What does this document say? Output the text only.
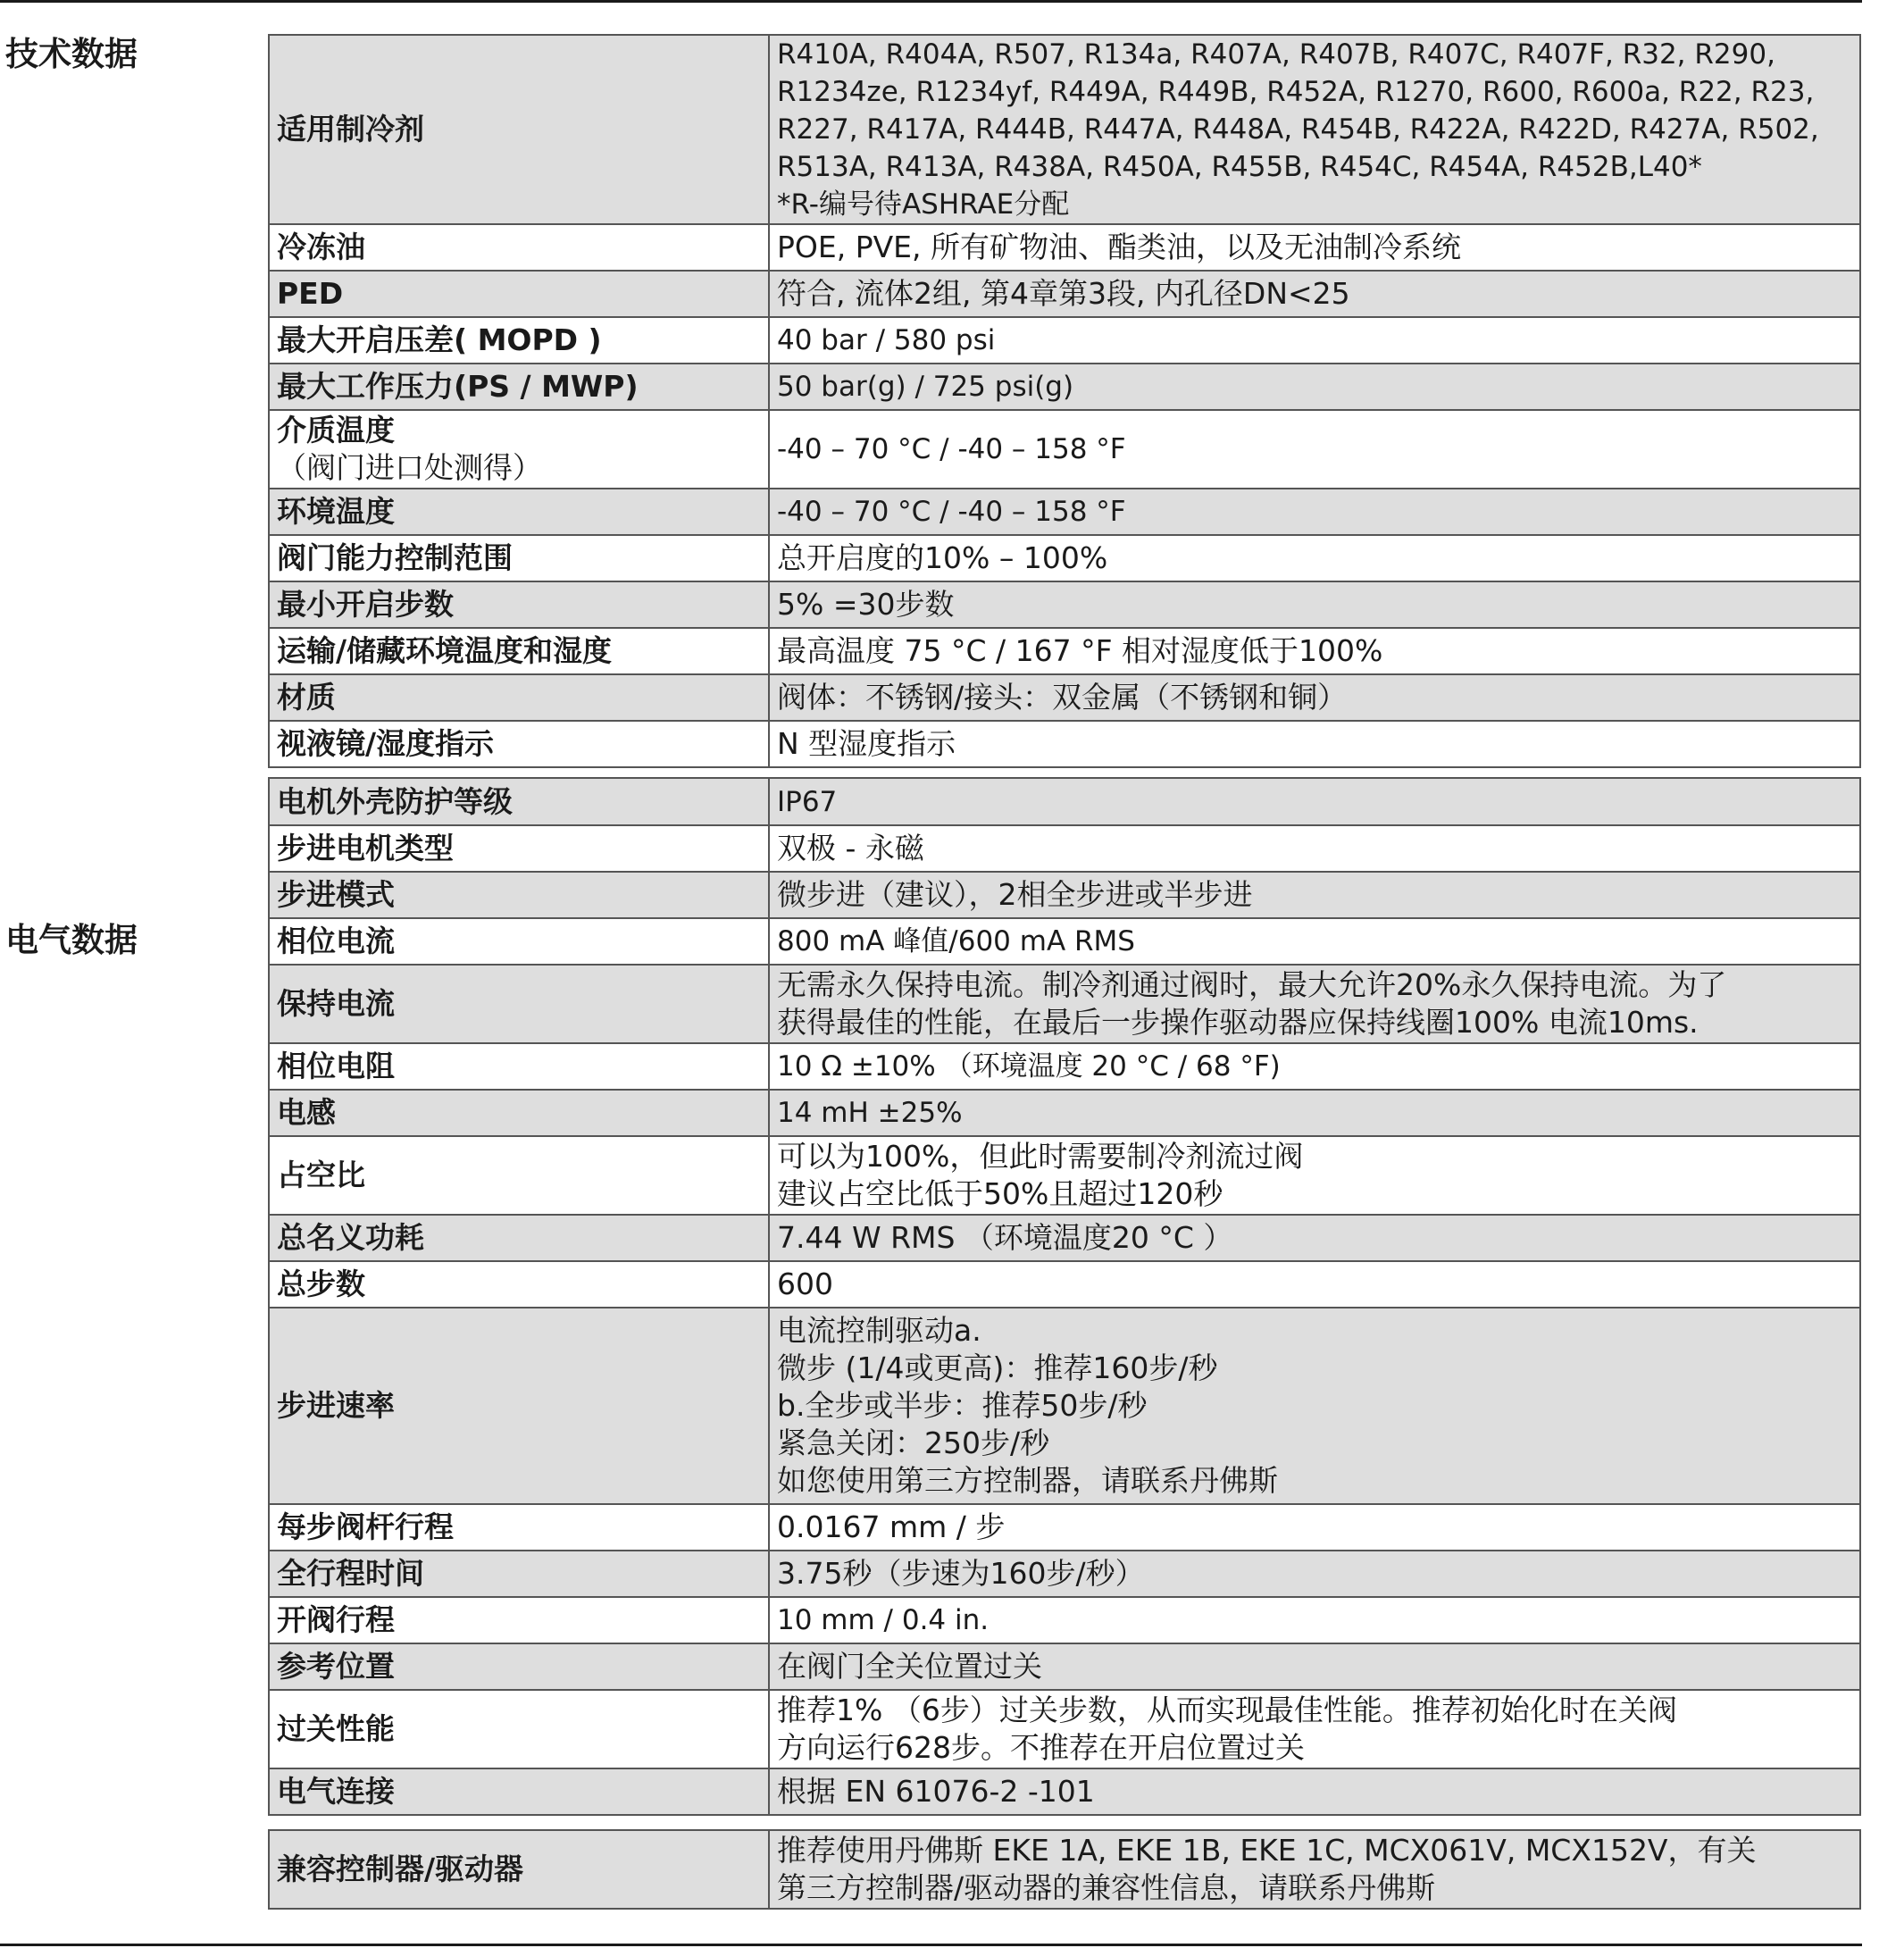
技术数据
电气数据
适用制冷剂	R410A, R404A, R507, R134a, R407A, R407B, R407C, R407F, R32, R290,
R1234ze, R1234yf, R449A, R449B, R452A, R1270, R600, R600a, R22, R23,
R227, R417A, R444B, R447A, R448A, R454B, R422A, R422D, R427A, R502,
R513A, R413A, R438A, R450A, R455B, R454C, R454A, R452B,L40*
*R-编号待ASHRAE分配
冷冻油	POE, PVE, 所有矿物油、酯类油，以及无油制冷系统
PED	符合, 流体2组, 第4章第3段, 内孔径DN<25
最大开启压差( MOPD )	40 bar / 580 psi
最大工作压力(PS / MWP)	50 bar(g) / 725 psi(g)
介质温度
（阀门进口处测得）	-40 – 70 °C / -40 – 158 °F
环境温度	-40 – 70 °C / -40 – 158 °F
阀门能力控制范围	总开启度的10% – 100%
最小开启步数	5% =30步数
运输/储藏环境温度和湿度	最高温度 75 °C / 167 °F 相对湿度低于100%
材质	阀体：不锈钢/接头：双金属（不锈钢和铜）
视液镜/湿度指示	N 型湿度指示
电机外壳防护等级	IP67
步进电机类型	双极 - 永磁
步进模式	微步进（建议），2相全步进或半步进
相位电流	800 mA 峰值/600 mA RMS
保持电流	无需永久保持电流。制冷剂通过阀时，最大允许20%永久保持电流。为了
获得最佳的性能，在最后一步操作驱动器应保持线圈100% 电流10ms.
相位电阻	10 Ω ±10% （环境温度 20 °C / 68 °F)
电感	14 mH ±25%
占空比	可以为100%，但此时需要制冷剂流过阀
建议占空比低于50%且超过120秒
总名义功耗	7.44 W RMS （环境温度20 °C ）
总步数	600
步进速率	电流控制驱动a.
微步 (1/4或更高)：推荐160步/秒
b.全步或半步：推荐50步/秒
紧急关闭：250步/秒
如您使用第三方控制器，请联系丹佛斯
每步阀杆行程	0.0167 mm / 步
全行程时间	3.75秒（步速为160步/秒）
开阀行程	10 mm / 0.4 in.
参考位置	在阀门全关位置过关
过关性能	推荐1% （6步）过关步数，从而实现最佳性能。推荐初始化时在关阀
方向运行628步。不推荐在开启位置过关
电气连接	根据 EN 61076-2 -101
兼容控制器/驱动器	推荐使用丹佛斯 EKE 1A, EKE 1B, EKE 1C, MCX061V, MCX152V，有关
第三方控制器/驱动器的兼容性信息，请联系丹佛斯
